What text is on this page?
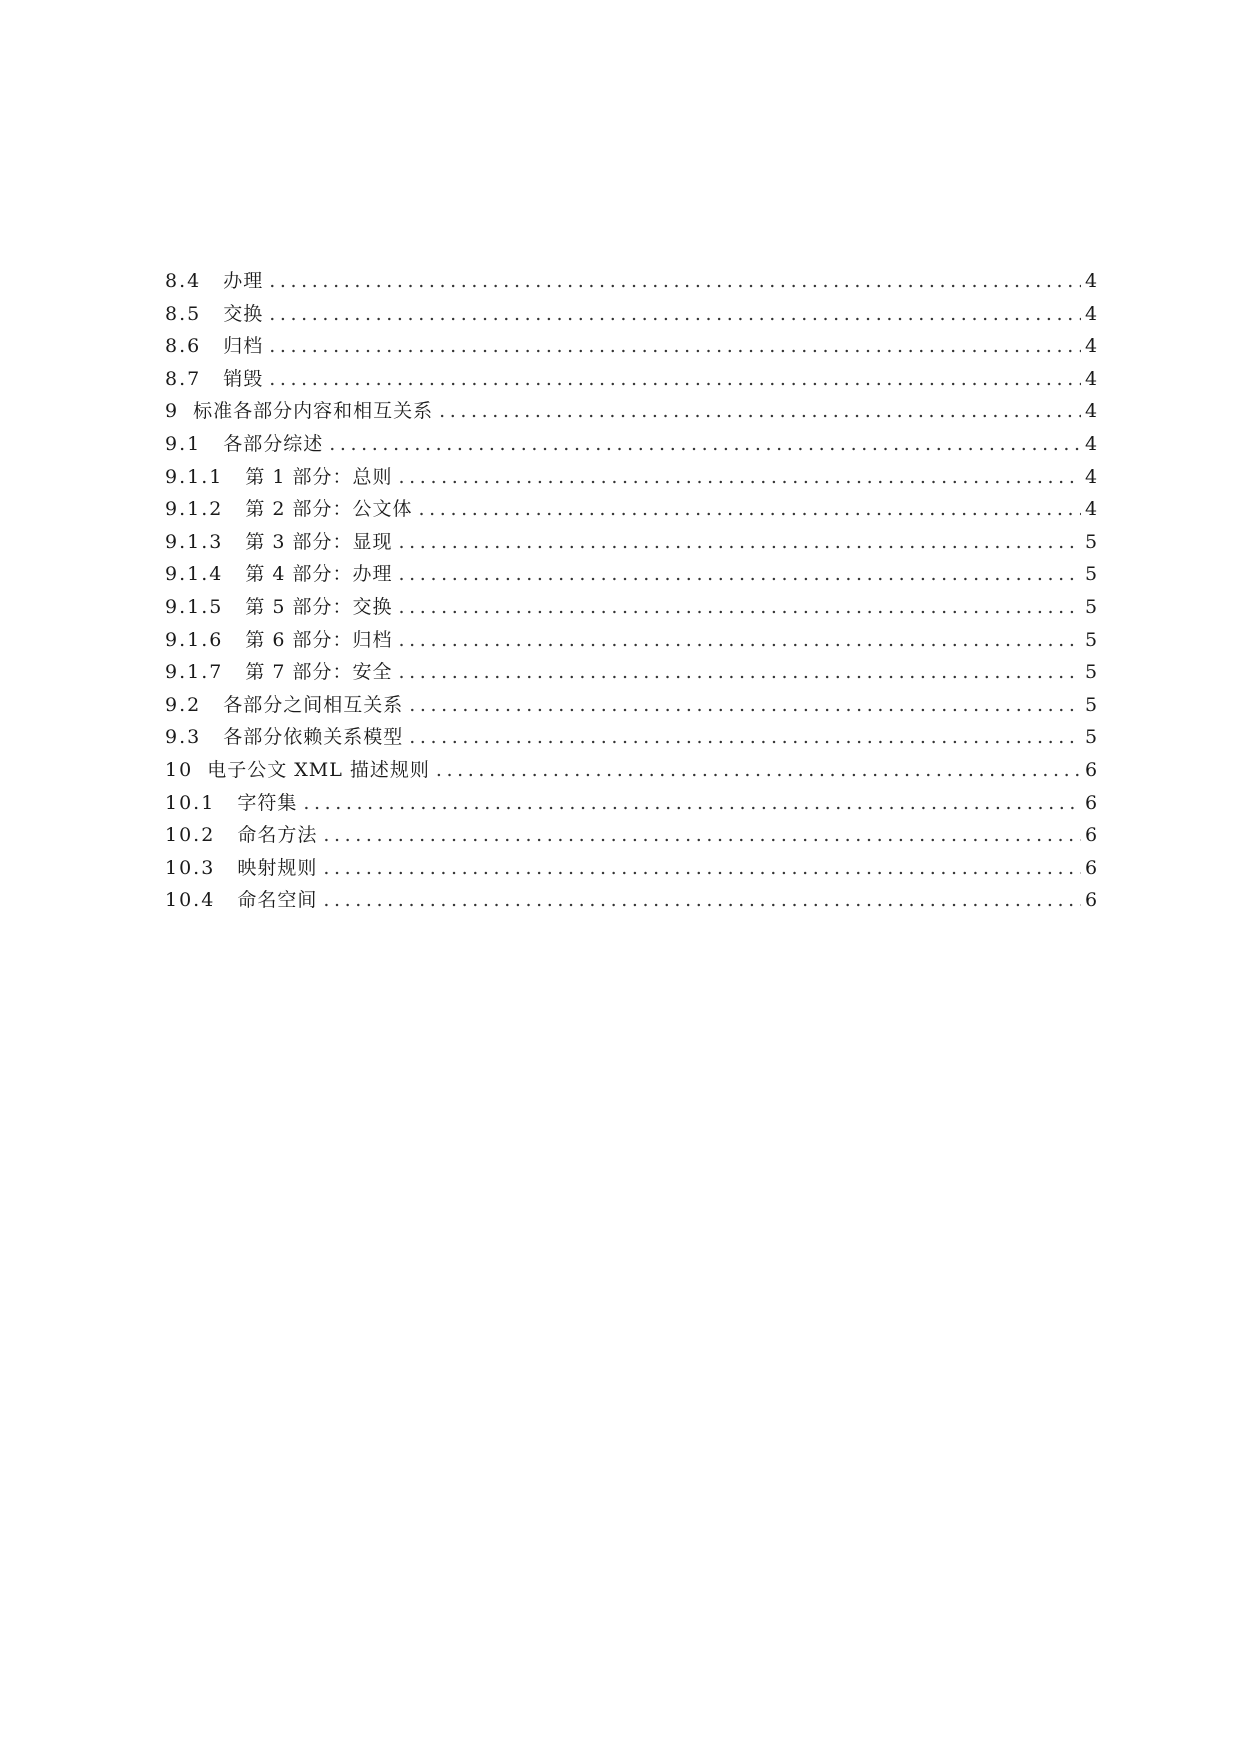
8.4 办理 .....	4
8.5 交换 .....	4
8.6 归档 .....	4
8.7 销毁 .....	4
9 标准各部分内容和相互关系 .....	4
9.1 各部分综述 .....	4
9.1.1 第 1 部分：总则 .....	4
9.1.2 第 2 部分：公文体 .....	4
9.1.3 第 3 部分：显现 .....	5
9.1.4 第 4 部分：办理 .....	5
9.1.5 第 5 部分：交换 .....	5
9.1.6 第 6 部分：归档 .....	5
9.1.7 第 7 部分：安全 .....	5
9.2 各部分之间相互关系 .....	5
9.3 各部分依赖关系模型 .....	5
10 电子公文 XML 描述规则 .....	6
10.1 字符集 .....	6
10.2 命名方法 .....	6
10.3 映射规则 .....	6
10.4 命名空间 .....	6
